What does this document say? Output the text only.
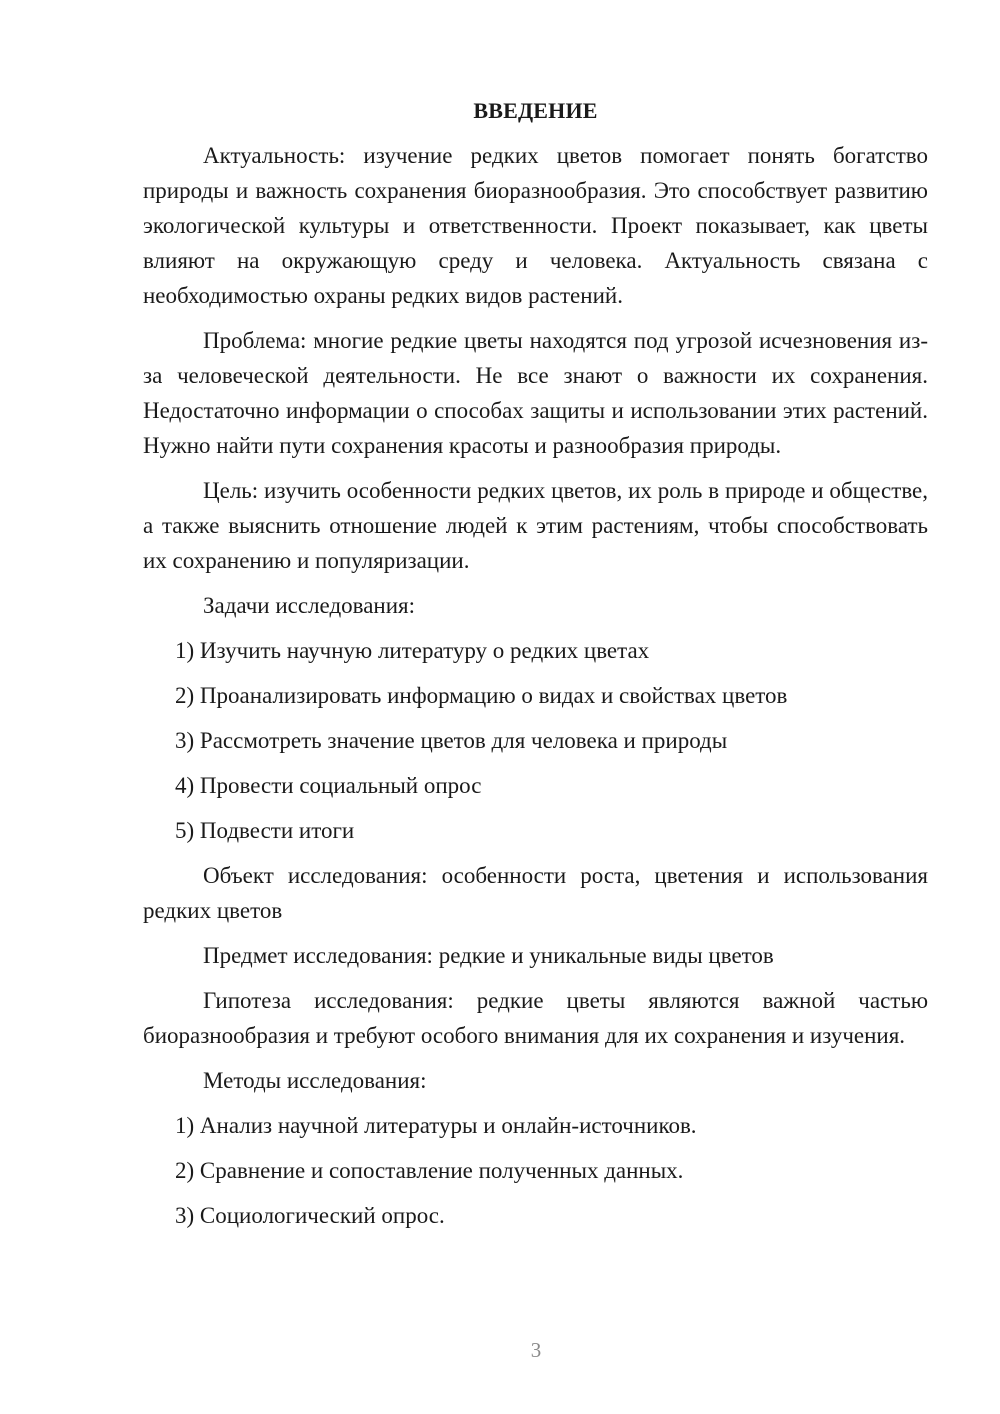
ВВЕДЕНИЕ

Актуальность: изучение редких цветов помогает понять богатство природы и важность сохранения биоразнообразия. Это способствует развитию экологической культуры и ответственности. Проект показывает, как цветы влияют на окружающую среду и человека. Актуальность связана с необходимостью охраны редких видов растений.

Проблема: многие редкие цветы находятся под угрозой исчезновения из-за человеческой деятельности. Не все знают о важности их сохранения. Недостаточно информации о способах защиты и использовании этих растений. Нужно найти пути сохранения красоты и разнообразия природы.

Цель: изучить особенности редких цветов, их роль в природе и обществе, а также выяснить отношение людей к этим растениям, чтобы способствовать их сохранению и популяризации.

Задачи исследования:

1) Изучить научную литературу о редких цветах
2) Проанализировать информацию о видах и свойствах цветов
3) Рассмотреть значение цветов для человека и природы
4) Провести социальный опрос
5) Подвести итоги

Объект исследования: особенности роста, цветения и использования редких цветов

Предмет исследования: редкие и уникальные виды цветов

Гипотеза исследования: редкие цветы являются важной частью биоразнообразия и требуют особого внимания для их сохранения и изучения.

Методы исследования:

1) Анализ научной литературы и онлайн-источников.
2) Сравнение и сопоставление полученных данных.
3) Социологический опрос.
3
